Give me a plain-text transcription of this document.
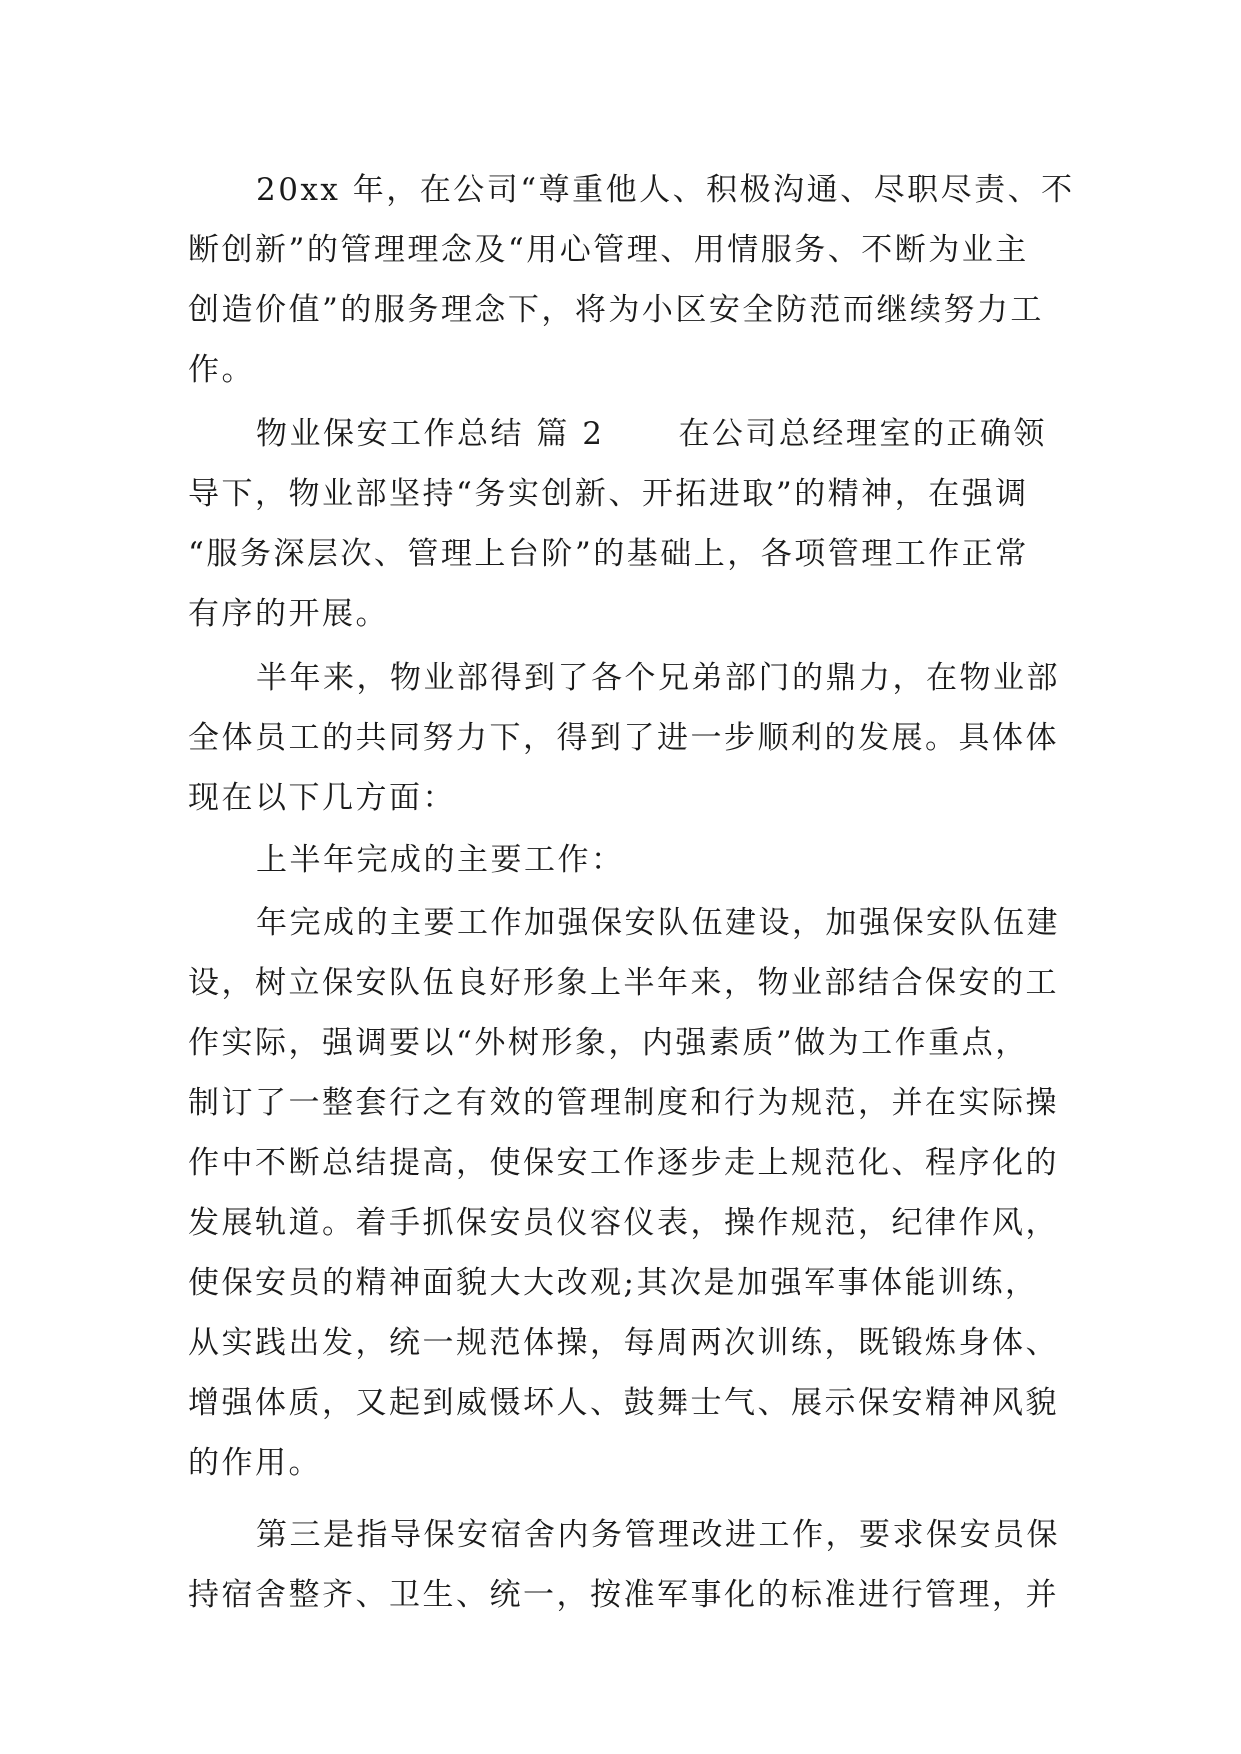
20xx 年，在公司“尊重他人、积极沟通、尽职尽责、不
断创新”的管理理念及“用心管理、用情服务、不断为业主
创造价值”的服务理念下，将为小区安全防范而继续努力工
作。
物业保安工作总结 篇 2 在公司总经理室的正确领
导下，物业部坚持“务实创新、开拓进取”的精神，在强调
“服务深层次、管理上台阶”的基础上，各项管理工作正常
有序的开展。
半年来，物业部得到了各个兄弟部门的鼎力，在物业部
全体员工的共同努力下，得到了进一步顺利的发展。具体体
现在以下几方面：
上半年完成的主要工作：
年完成的主要工作加强保安队伍建设，加强保安队伍建
设，树立保安队伍良好形象上半年来，物业部结合保安的工
作实际，强调要以“外树形象，内强素质”做为工作重点，
制订了一整套行之有效的管理制度和行为规范，并在实际操
作中不断总结提高，使保安工作逐步走上规范化、程序化的
发展轨道。着手抓保安员仪容仪表，操作规范，纪律作风，
使保安员的精神面貌大大改观;其次是加强军事体能训练，
从实践出发，统一规范体操，每周两次训练，既锻炼身体、
增强体质，又起到威慑坏人、鼓舞士气、展示保安精神风貌
的作用。
第三是指导保安宿舍内务管理改进工作，要求保安员保
持宿舍整齐、卫生、统一，按准军事化的标准进行管理，并
